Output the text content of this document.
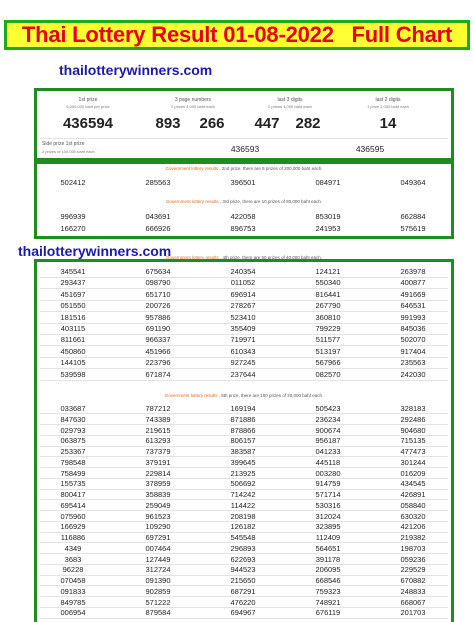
Thai Lottery Result 01-08-2022   Full Chart
thailotterywinners.com
1st prize
6,000,000 baht per prize
436594
3 page numbers
2 prizes 4,000 baht each
893	266
last 3 digits
2 prizes 4,000 baht each
447	282
last 2 digits
1 prize 2,000 baht each
14
Side prize 1st prize
2 prizes of 100,000 baht each	436593	436595
Government lottery results , 2nd prize, there are 5 prizes of 200,000 baht each.
502412	285563	396501	084971	049364
Government lottery results , 3rd prize, there are 10 prizes of 80,000 baht each.
996939	043691	422058	853019	662884
166270	666926	896753	241953	575619
thailotterywinners.com
Government lottery results , 4th prize, there are 50 prizes of 40,000 baht each.
345541	675634	240354	124121	263978
293437	098790	011052	550340	400877
451697	651710	696914	816441	491669
051550	200726	278267	267790	646531
181516	957886	523410	360810	991993
403115	691190	355409	799229	845036
811661	966337	719971	511577	502070
450860	451966	610343	513197	917404
144105	223796	927245	567966	235563
539598	671874	237644	082570	242030
Government lottery results , 5th prize, there are 100 prizes of 20,000 baht each.
033687	787212	169194	505423	328183
847630	743389	871886	236234	292486
029793	219615	878866	900674	904680
063875	613293	806157	956187	715135
253367	737379	383587	041233	477473
798548	379191	399645	445118	301244
758499	229814	213925	003280	016209
155735	378959	506692	914759	434545
800417	358839	714242	571714	426891
695414	259049	114422	530316	058840
075960	961523	208198	312024	630320
166929	109290	126182	323895	421206
116886	697291	545548	112409	219382
4349	007464	296893	564651	198703
3683	127449	622693	391178	059236
96228	312724	944523	206095	229529
070458	091390	215650	668546	670882
091833	902859	687291	759323	248833
849785	571222	476220	748921	668067
006954	879584	694967	676119	201703
